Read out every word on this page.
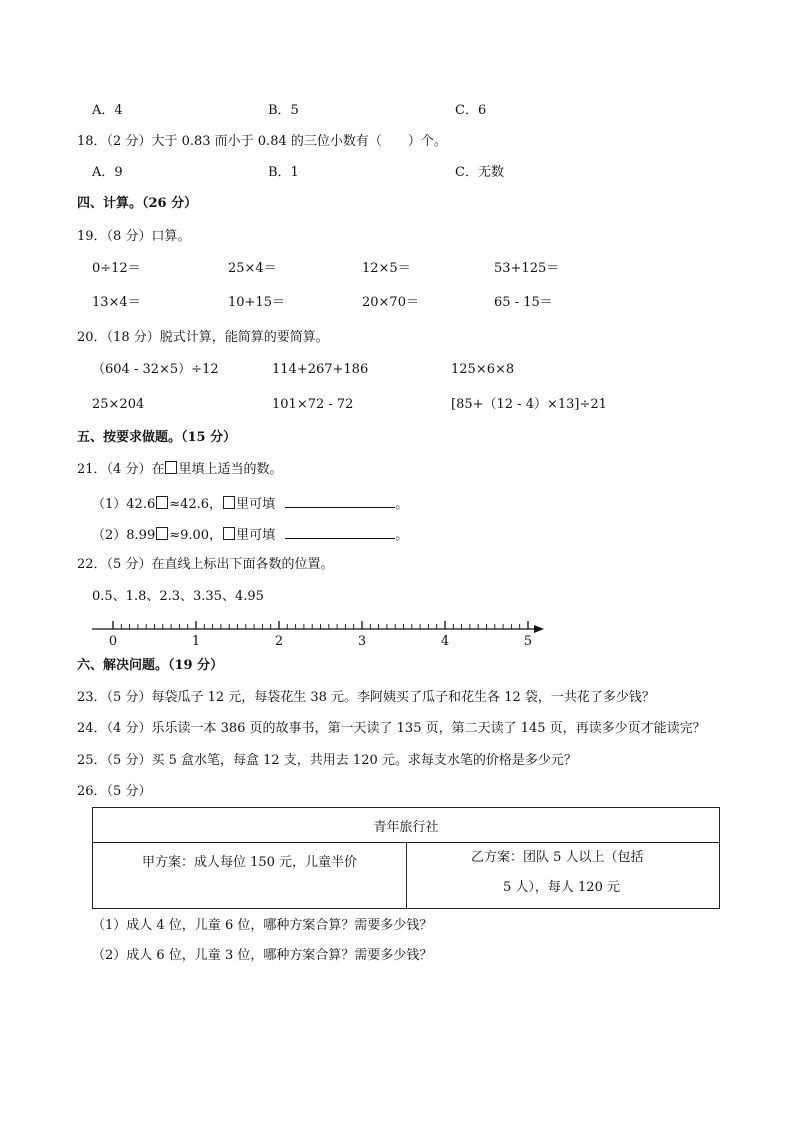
A．4	B．5	C．6
18．（2 分）大于 0.83 而小于 0.84 的三位小数有（　　）个。
A．9	B．1	C．无数
四、计算。（26 分）
19．（8 分）口算。
0÷12＝	25×4＝	12×5＝	53+125＝
13×4＝	10+15＝	20×70＝	65 - 15＝
20．（18 分）脱式计算，能简算的要简算。
（604 - 32×5）÷12	114+267+186	125×6×8
25×204	101×72 - 72	[85+（12 - 4）×13]÷21
五、按要求做题。（15 分）
21．（4 分）在 里填上适当的数。
（1）42.6 ≈42.6， 里可填	。
（2）8.99 ≈9.00， 里可填	。
22．（5 分）在直线上标出下面各数的位置。
0.5、1.8、2.3、3.35、4.95
0	1	2	3	4	5
六、解决问题。（19 分）
23．（5 分）每袋瓜子 12 元，每袋花生 38 元。李阿姨买了瓜子和花生各 12 袋，一共花了多少钱？
24．（4 分）乐乐读一本 386 页的故事书，第一天读了 135 页，第二天读了 145 页，再读多少页才能读完？
25．（5 分）买 5 盒水笔，每盒 12 支，共用去 120 元。求每支水笔的价格是多少元？
26．（5 分）
青年旅行社
甲方案：成人每位 150 元，儿童半价	乙方案：团队 5 人以上（包括
5 人），每人 120 元
（1）成人 4 位，儿童 6 位，哪种方案合算？需要多少钱？
（2）成人 6 位，儿童 3 位，哪种方案合算？需要多少钱？
